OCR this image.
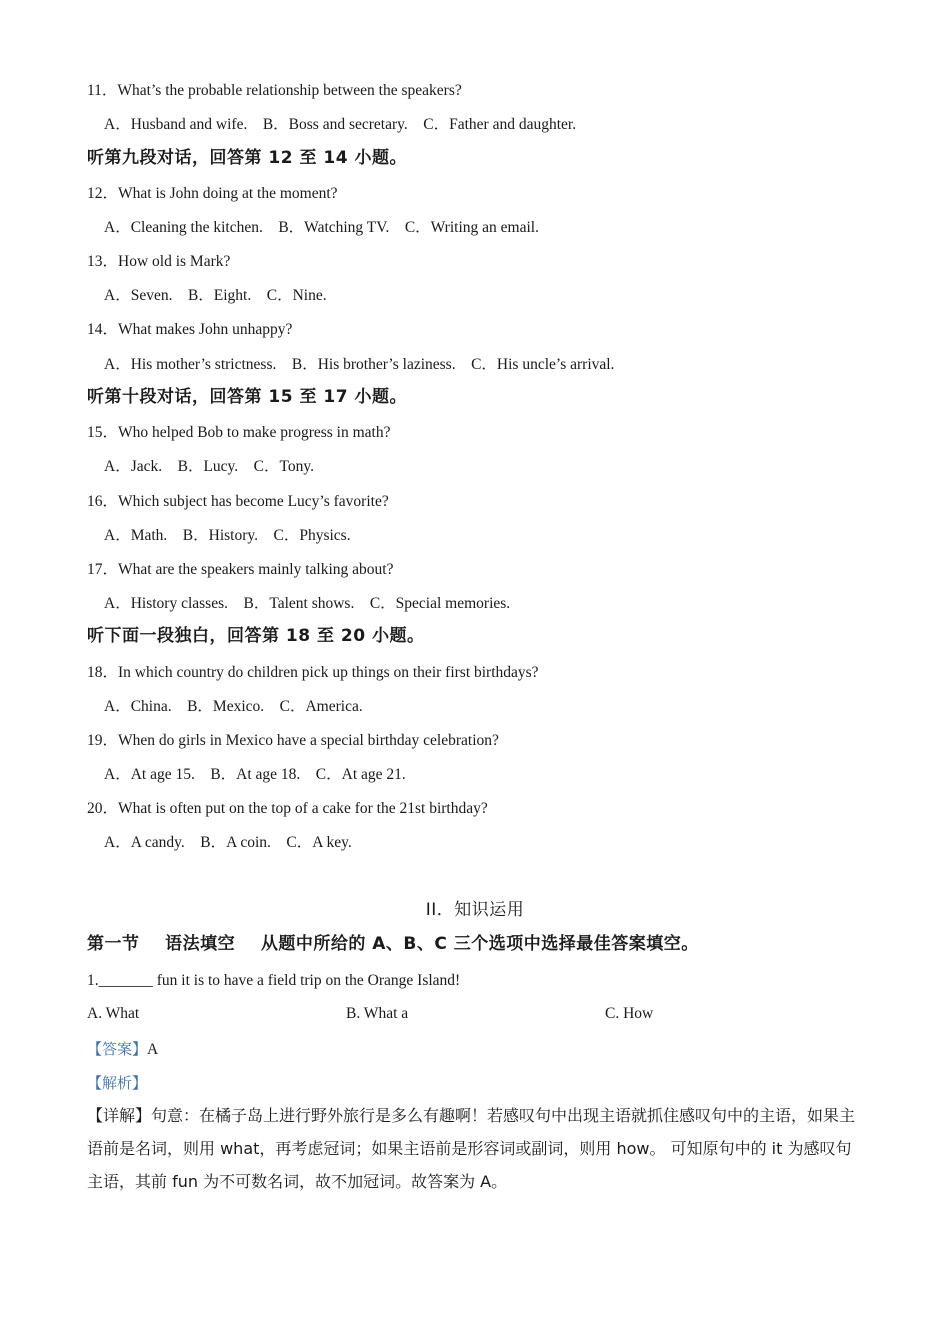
11．What’s the probable relationship between the speakers?
A．Husband and wife.    B．Boss and secretary.    C．Father and daughter.
听第九段对话，回答第 12 至 14 小题。
12．What is John doing at the moment?
A．Cleaning the kitchen.    B．Watching TV.    C．Writing an email.
13．How old is Mark?
A．Seven.    B．Eight.    C．Nine.
14．What makes John unhappy?
A．His mother’s strictness.    B．His brother’s laziness.    C．His uncle’s arrival.
听第十段对话，回答第 15 至 17 小题。
15．Who helped Bob to make progress in math?
A．Jack.    B．Lucy.    C．Tony.
16．Which subject has become Lucy’s favorite?
A．Math.    B．History.    C．Physics.
17．What are the speakers mainly talking about?
A．History classes.    B．Talent shows.    C．Special memories.
听下面一段独白，回答第 18 至 20 小题。
18．In which country do children pick up things on their first birthdays?
A．China.    B．Mexico.    C．America.
19．When do girls in Mexico have a special birthday celebration?
A．At age 15.    B．At age 18.    C．At age 21.
20．What is often put on the top of a cake for the 21st birthday?
A．A candy.    B．A coin.    C．A key.
II．知识运用
第一节    语法填空    从题中所给的 A、B、C 三个选项中选择最佳答案填空。
1._______ fun it is to have a field trip on the Orange Island!
A. What	B. What a	C. How
【答案】A
【解析】
【详解】句意：在橘子岛上进行野外旅行是多么有趣啊！若感叹句中出现主语就抓住感叹句中的主语，如果主语前是名词，则用 what，再考虑冠词；如果主语前是形容词或副词，则用 how。 可知原句中的 it 为感叹句主语，其前 fun 为不可数名词，故不加冠词。故答案为 A。
